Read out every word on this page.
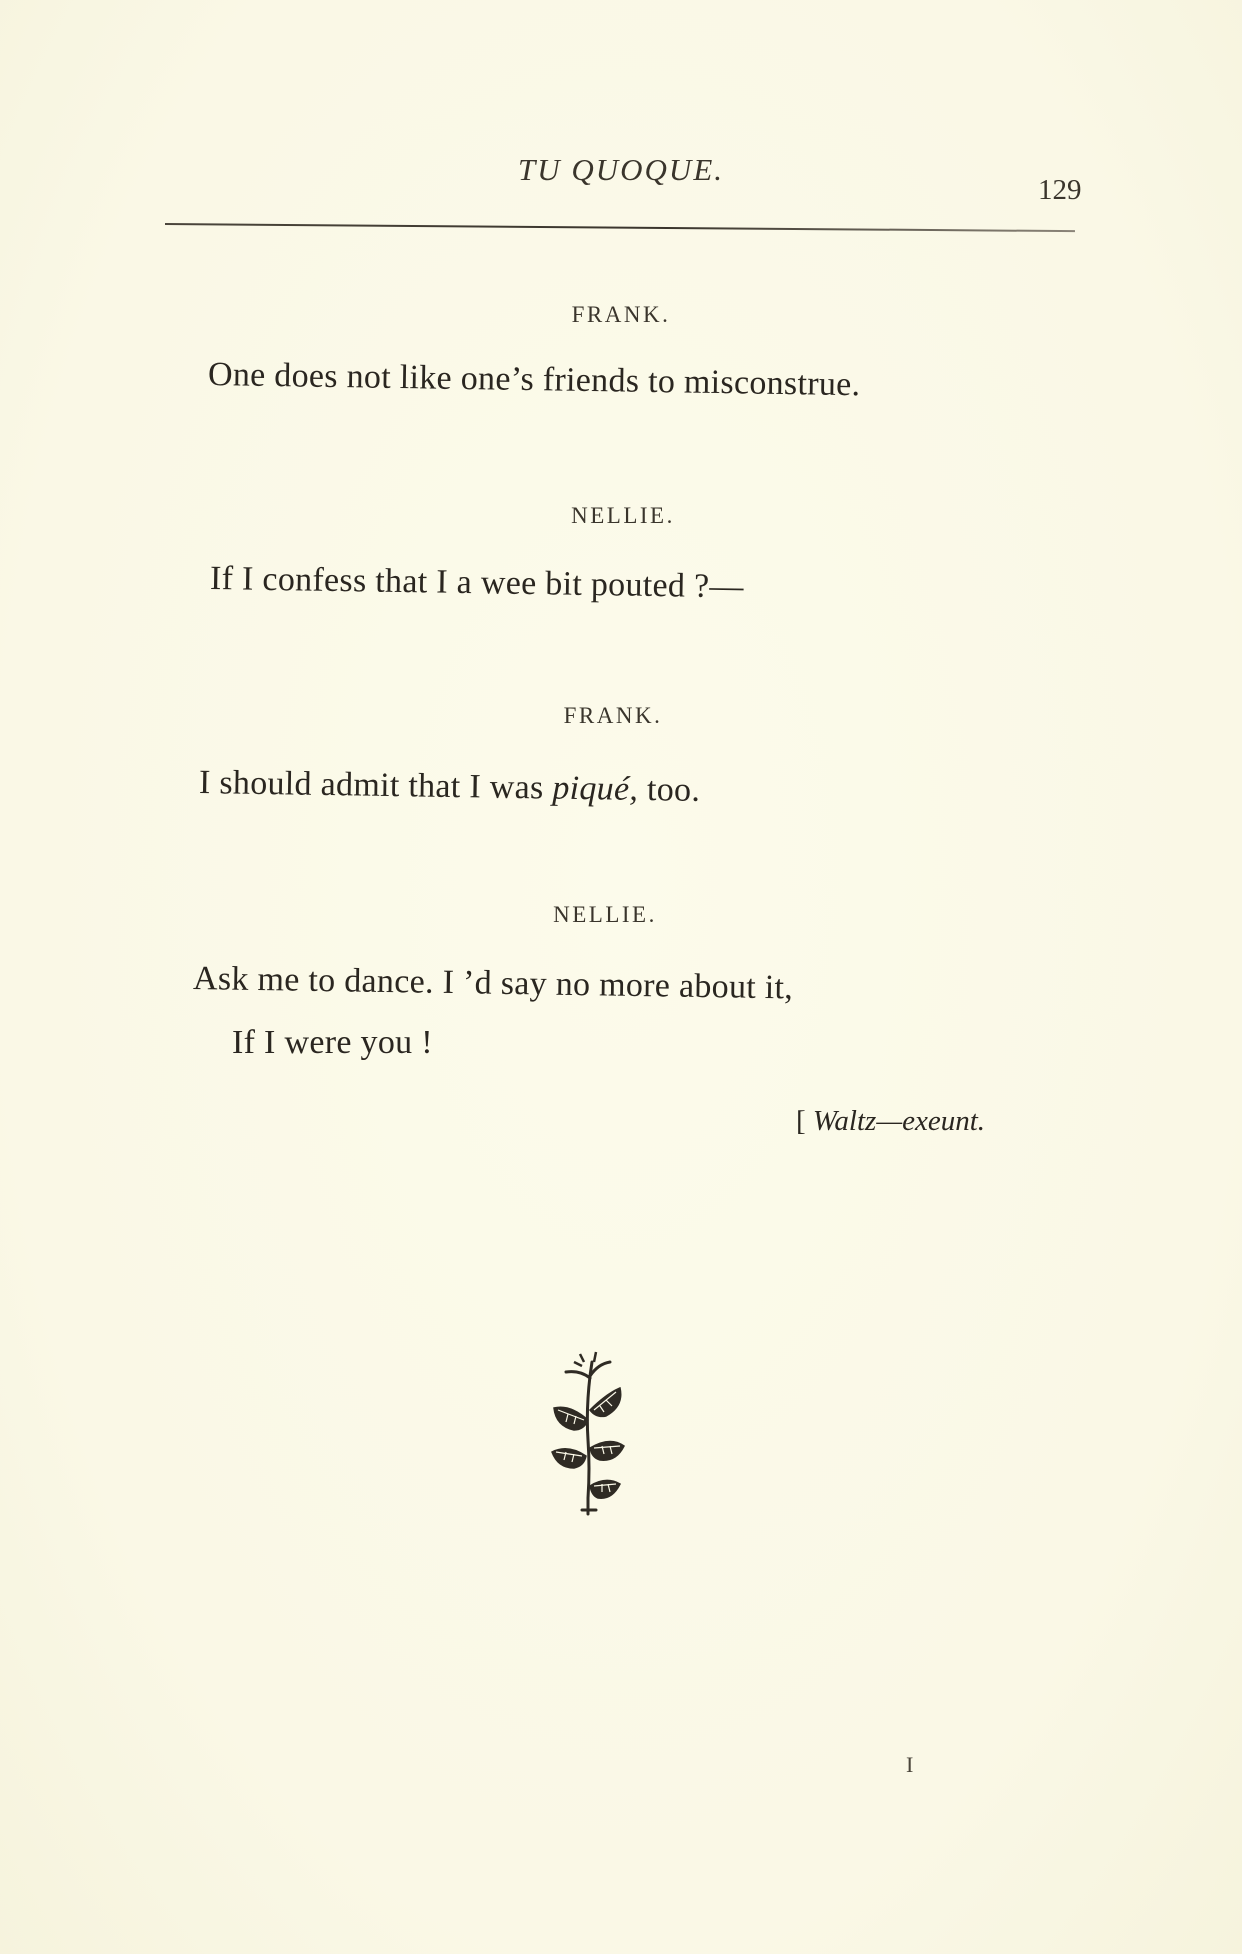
TU QUOQUE.
129
FRANK.
One does not like one’s friends to misconstrue.
NELLIE.
If I confess that I a wee bit pouted ?—
FRANK.
I should admit that I was piqué, too.
NELLIE.
Ask me to dance. I ’d say no more about it,
If I were you !
[ Waltz—exeunt.
I
